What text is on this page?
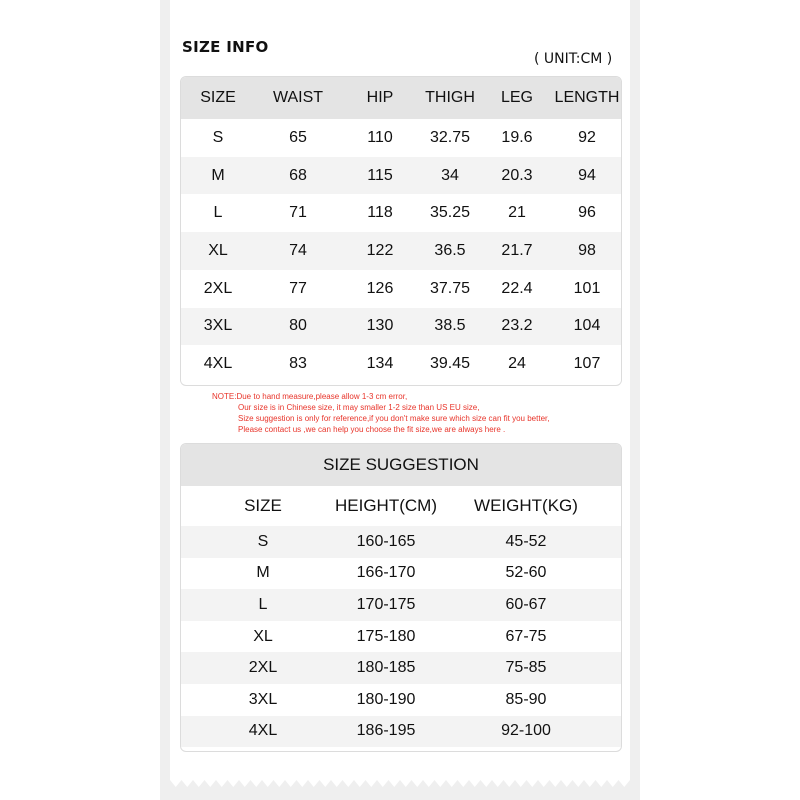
SIZE INFO
( UNIT:CM )
SIZE	WAIST	HIP	THIGH	LEG	LENGTH
S	65	110	32.75	19.6	92
M	68	115	34	20.3	94
L	71	118	35.25	21	96
XL	74	122	36.5	21.7	98
2XL	77	126	37.75	22.4	101
3XL	80	130	38.5	23.2	104
4XL	83	134	39.45	24	107
NOTE:Due to hand measure,please allow 1-3 cm error,
Our size is in Chinese size, it may smaller 1-2 size than US EU size,
Size suggestion is only for reference,if you don't make sure which size can fit you better,
Please contact us ,we can help you choose the fit size,we are always here .
SIZE SUGGESTION
SIZE	HEIGHT(CM)	WEIGHT(KG)
S	160-165	45-52
M	166-170	52-60
L	170-175	60-67
XL	175-180	67-75
2XL	180-185	75-85
3XL	180-190	85-90
4XL	186-195	92-100
